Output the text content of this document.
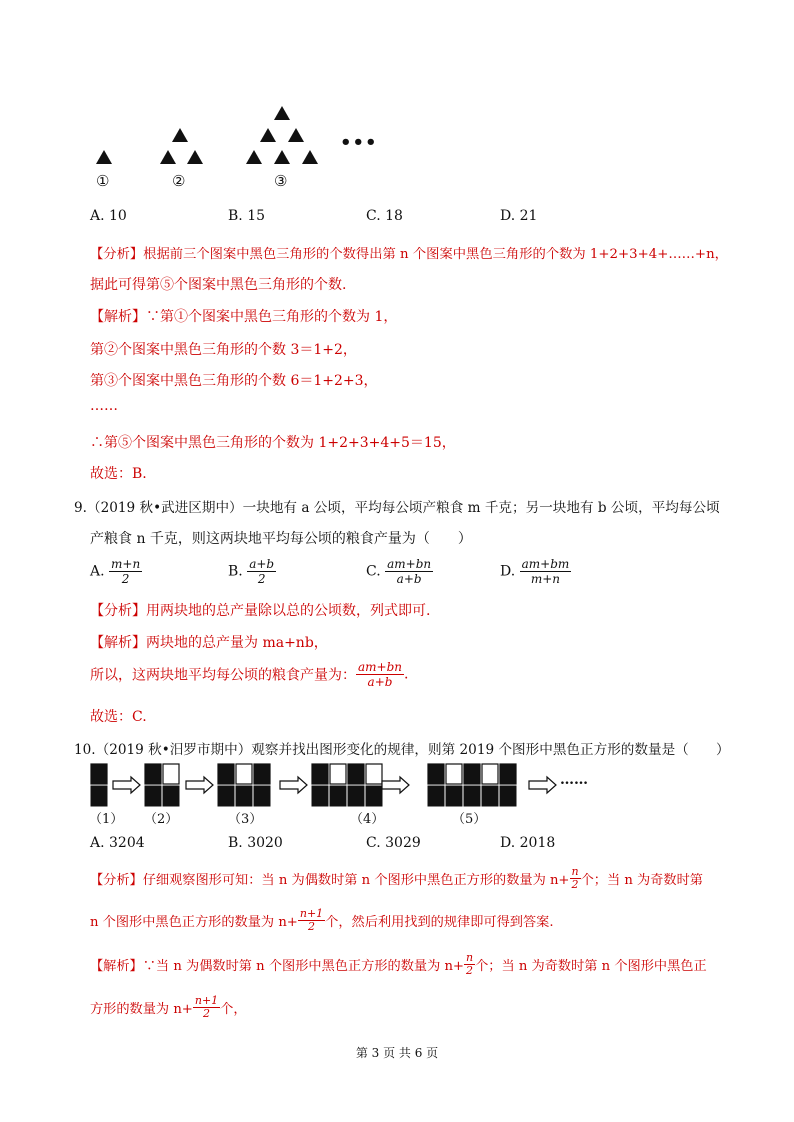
①	②	③
•••
A. 10	B. 15	C. 18	D. 21
【分析】根据前三个图案中黑色三角形的个数得出第 n 个图案中黑色三角形的个数为 1+2+3+4+……+n，
据此可得第⑤个图案中黑色三角形的个数.
【解析】∵第①个图案中黑色三角形的个数为 1，
第②个图案中黑色三角形的个数 3＝1+2，
第③个图案中黑色三角形的个数 6＝1+2+3，
……
∴第⑤个图案中黑色三角形的个数为 1+2+3+4+5＝15，
故选：B.
9.（2019 秋•武进区期中）一块地有 a 公顷，平均每公顷产粮食 m 千克；另一块地有 b 公顷，平均每公顷
产粮食 n 千克，则这两块地平均每公顷的粮食产量为（　　）
A. $\frac{m+n}{2}$	B. $\frac{a+b}{2}$	C. $\frac{am+bn}{a+b}$	D. $\frac{am+bm}{m+n}$
【分析】用两块地的总产量除以总的公顷数，列式即可.
【解析】两块地的总产量为 ma+nb，
所以，这两块地平均每公顷的粮食产量为： $\frac{am+bn}{a+b}$ .
故选：C.
10.（2019 秋•汨罗市期中）观察并找出图形变化的规律，则第 2019 个图形中黑色正方形的数量是（　　）
（1） （2）	（3）	（4）	（5）
……
A. 3204	B. 3020	C. 3029	D. 2018
【分析】仔细观察图形可知：当 n 为偶数时第 n 个图形中黑色正方形的数量为 $n+ \frac{n}{2}$ 个；当 n 为奇数时第
n 个图形中黑色正方形的数量为 $n+ \frac{n+1}{2}$ 个，然后利用找到的规律即可得到答案.
【解析】∵当 n 为偶数时第 n 个图形中黑色正方形的数量为 $n+ \frac{n}{2}$ 个；当 n 为奇数时第 n 个图形中黑色正
方形的数量为 $n+ \frac{n+1}{2}$ 个，
第 3 页 共 6 页
